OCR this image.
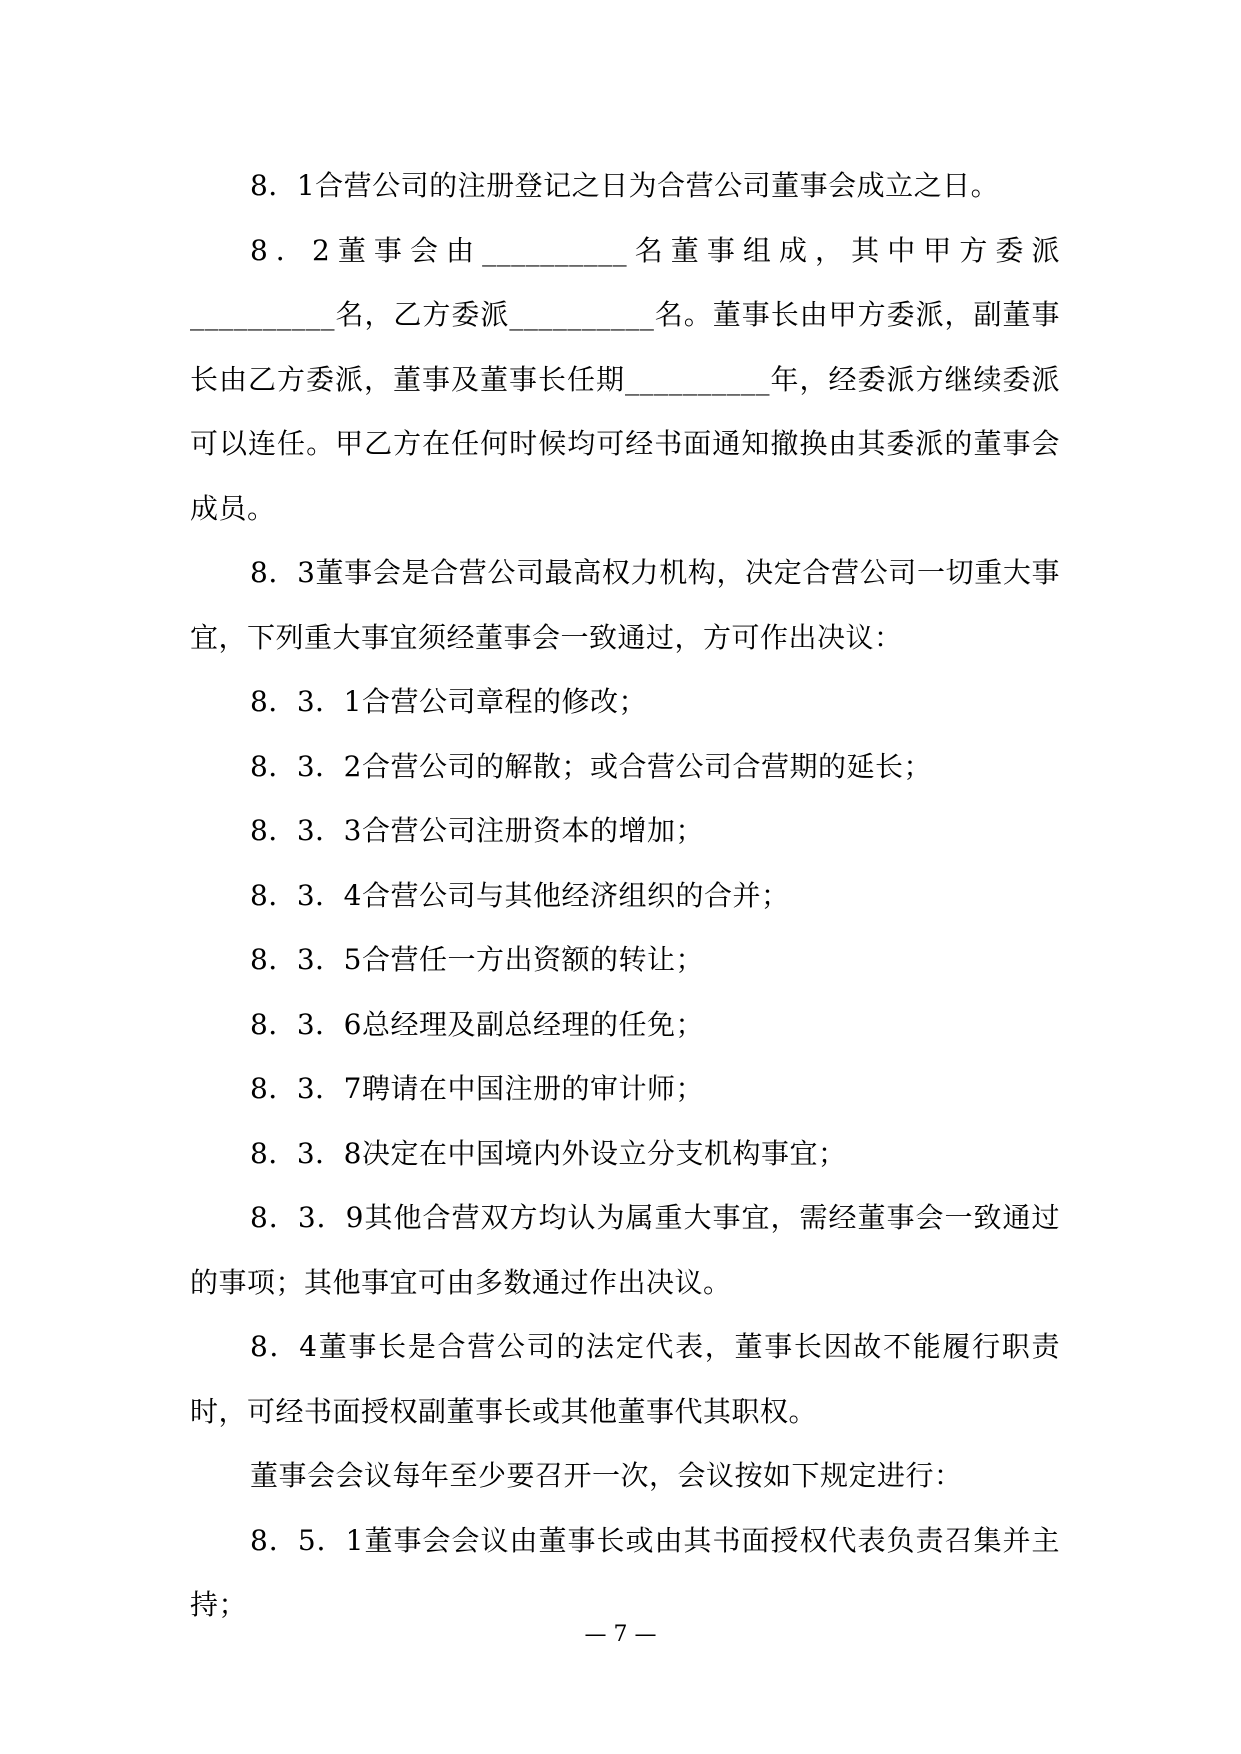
8．1合营公司的注册登记之日为合营公司董事会成立之日。

8．2董事会由__________名董事组成，其中甲方委派__________名，乙方委派__________名。董事长由甲方委派，副董事长由乙方委派，董事及董事长任期__________年，经委派方继续委派可以连任。甲乙方在任何时候均可经书面通知撤换由其委派的董事会成员。

8．3董事会是合营公司最高权力机构，决定合营公司一切重大事宜，下列重大事宜须经董事会一致通过，方可作出决议：

8．3．1合营公司章程的修改；

8．3．2合营公司的解散；或合营公司合营期的延长；

8．3．3合营公司注册资本的增加；

8．3．4合营公司与其他经济组织的合并；

8．3．5合营任一方出资额的转让；

8．3．6总经理及副总经理的任免；

8．3．7聘请在中国注册的审计师；

8．3．8决定在中国境内外设立分支机构事宜；

8．3．9其他合营双方均认为属重大事宜，需经董事会一致通过的事项；其他事宜可由多数通过作出决议。

8．4董事长是合营公司的法定代表，董事长因故不能履行职责时，可经书面授权副董事长或其他董事代其职权。

董事会会议每年至少要召开一次，会议按如下规定进行：

8．5．1董事会会议由董事长或由其书面授权代表负责召集并主持；

— 7 —
